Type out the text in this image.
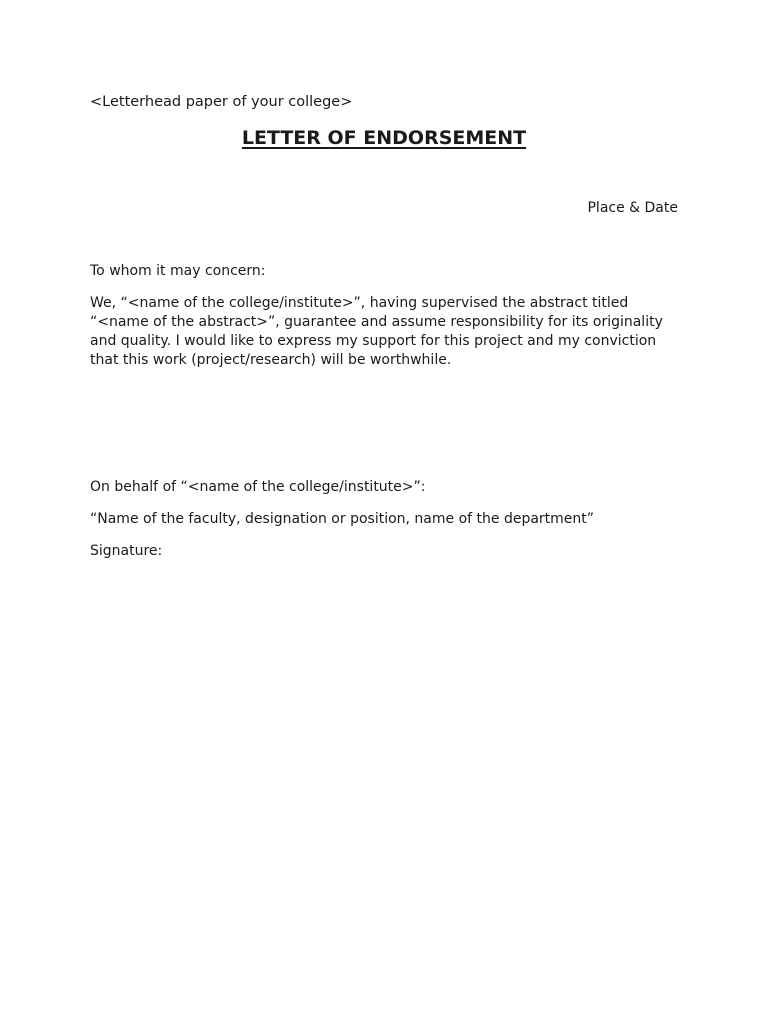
<Letterhead paper of your college>
LETTER OF ENDORSEMENT
Place & Date
To whom it may concern:
We, “<name of the college/institute>”, having supervised the abstract titled
“<name of the abstract>”, guarantee and assume responsibility for its originality
and quality. I would like to express my support for this project and my conviction
that this work (project/research) will be worthwhile.
On behalf of “<name of the college/institute>”:
“Name of the faculty, designation or position, name of the department”
Signature:
